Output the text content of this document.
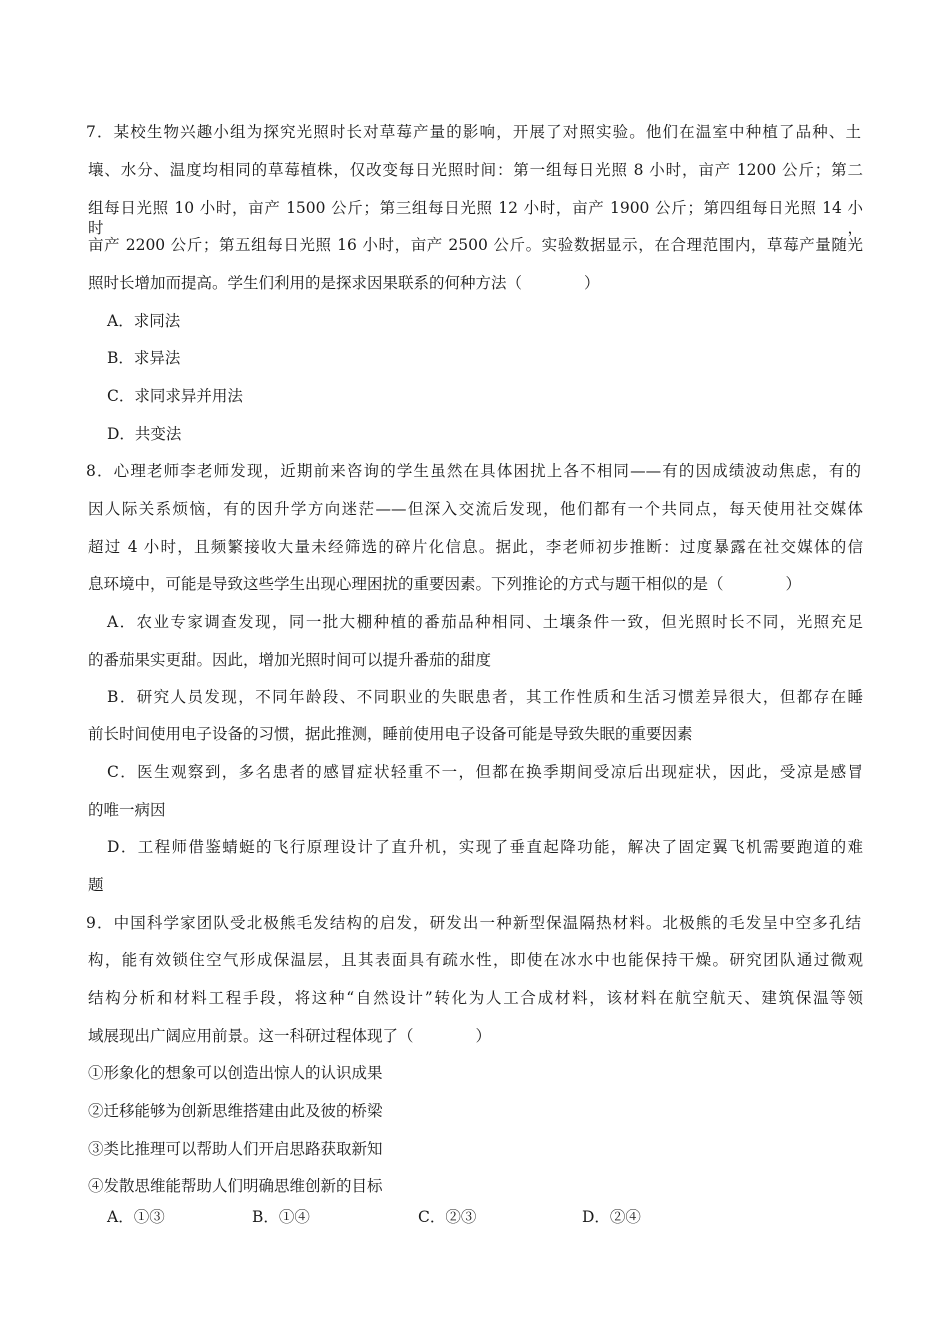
7．某校生物兴趣小组为探究光照时长对草莓产量的影响，开展了对照实验。他们在温室中种植了品种、土
壤、水分、温度均相同的草莓植株，仅改变每日光照时间：第一组每日光照 8 小时，亩产 1200 公斤；第二
组每日光照 10 小时，亩产 1500 公斤；第三组每日光照 12 小时，亩产 1900 公斤；第四组每日光照 14 小时，
亩产 2200 公斤；第五组每日光照 16 小时，亩产 2500 公斤。实验数据显示，在合理范围内，草莓产量随光
照时长增加而提高。学生们利用的是探求因果联系的何种方法（　　　　）
A．求同法
B．求异法
C．求同求异并用法
D．共变法
8．心理老师李老师发现，近期前来咨询的学生虽然在具体困扰上各不相同——有的因成绩波动焦虑，有的
因人际关系烦恼，有的因升学方向迷茫——但深入交流后发现，他们都有一个共同点，每天使用社交媒体
超过 4 小时，且频繁接收大量未经筛选的碎片化信息。据此，李老师初步推断：过度暴露在社交媒体的信
息环境中，可能是导致这些学生出现心理困扰的重要因素。下列推论的方式与题干相似的是（　　　　）
A．农业专家调查发现，同一批大棚种植的番茄品种相同、土壤条件一致，但光照时长不同，光照充足
的番茄果实更甜。因此，增加光照时间可以提升番茄的甜度
B．研究人员发现，不同年龄段、不同职业的失眠患者，其工作性质和生活习惯差异很大，但都存在睡
前长时间使用电子设备的习惯，据此推测，睡前使用电子设备可能是导致失眠的重要因素
C．医生观察到，多名患者的感冒症状轻重不一，但都在换季期间受凉后出现症状，因此，受凉是感冒
的唯一病因
D．工程师借鉴蜻蜓的飞行原理设计了直升机，实现了垂直起降功能，解决了固定翼飞机需要跑道的难
题
9．中国科学家团队受北极熊毛发结构的启发，研发出一种新型保温隔热材料。北极熊的毛发呈中空多孔结
构，能有效锁住空气形成保温层，且其表面具有疏水性，即使在冰水中也能保持干燥。研究团队通过微观
结构分析和材料工程手段，将这种“自然设计”转化为人工合成材料，该材料在航空航天、建筑保温等领
域展现出广阔应用前景。这一科研过程体现了（　　　　）
①形象化的想象可以创造出惊人的认识成果
②迁移能够为创新思维搭建由此及彼的桥梁
③类比推理可以帮助人们开启思路获取新知
④发散思维能帮助人们明确思维创新的目标
A．①③	B．①④	C．②③	D．②④
